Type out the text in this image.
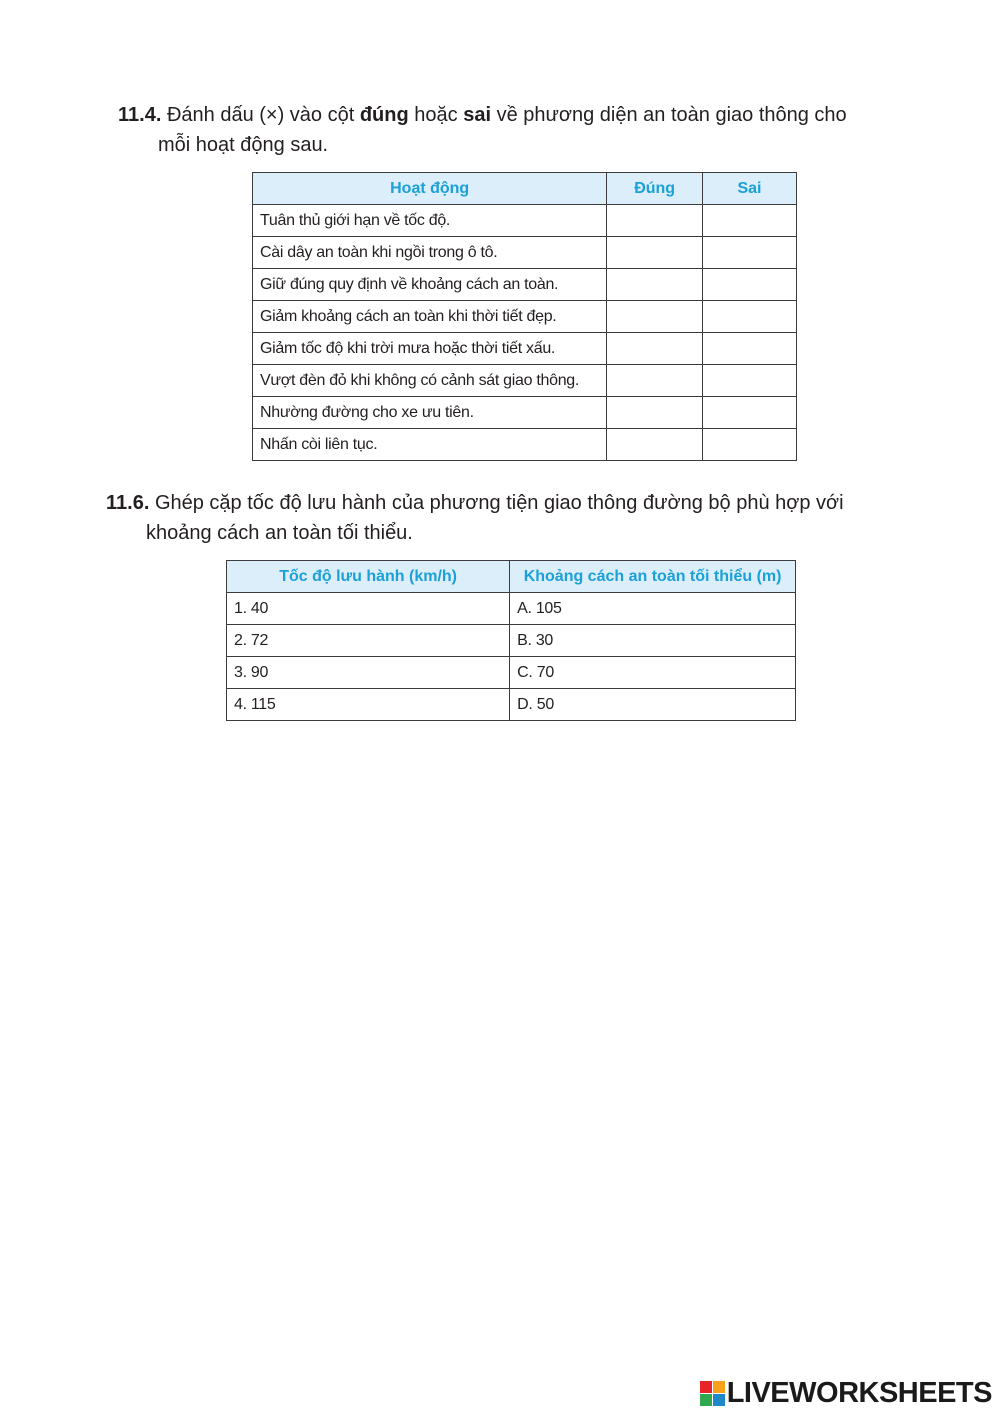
11.4. Đánh dấu (×) vào cột đúng hoặc sai về phương diện an toàn giao thông cho
mỗi hoạt động sau.
Hoạt động	Đúng	Sai
Tuân thủ giới hạn về tốc độ.		
Cài dây an toàn khi ngồi trong ô tô.		
Giữ đúng quy định về khoảng cách an toàn.		
Giảm khoảng cách an toàn khi thời tiết đẹp.		
Giảm tốc độ khi trời mưa hoặc thời tiết xấu.		
Vượt đèn đỏ khi không có cảnh sát giao thông.		
Nhường đường cho xe ưu tiên.		
Nhấn còi liên tục.		
11.6. Ghép cặp tốc độ lưu hành của phương tiện giao thông đường bộ phù hợp với
khoảng cách an toàn tối thiểu.
Tốc độ lưu hành (km/h)	Khoảng cách an toàn tối thiểu (m)
1. 40	A. 105
2. 72	B. 30
3. 90	C. 70
4. 115	D. 50
LIVEWORKSHEETS
